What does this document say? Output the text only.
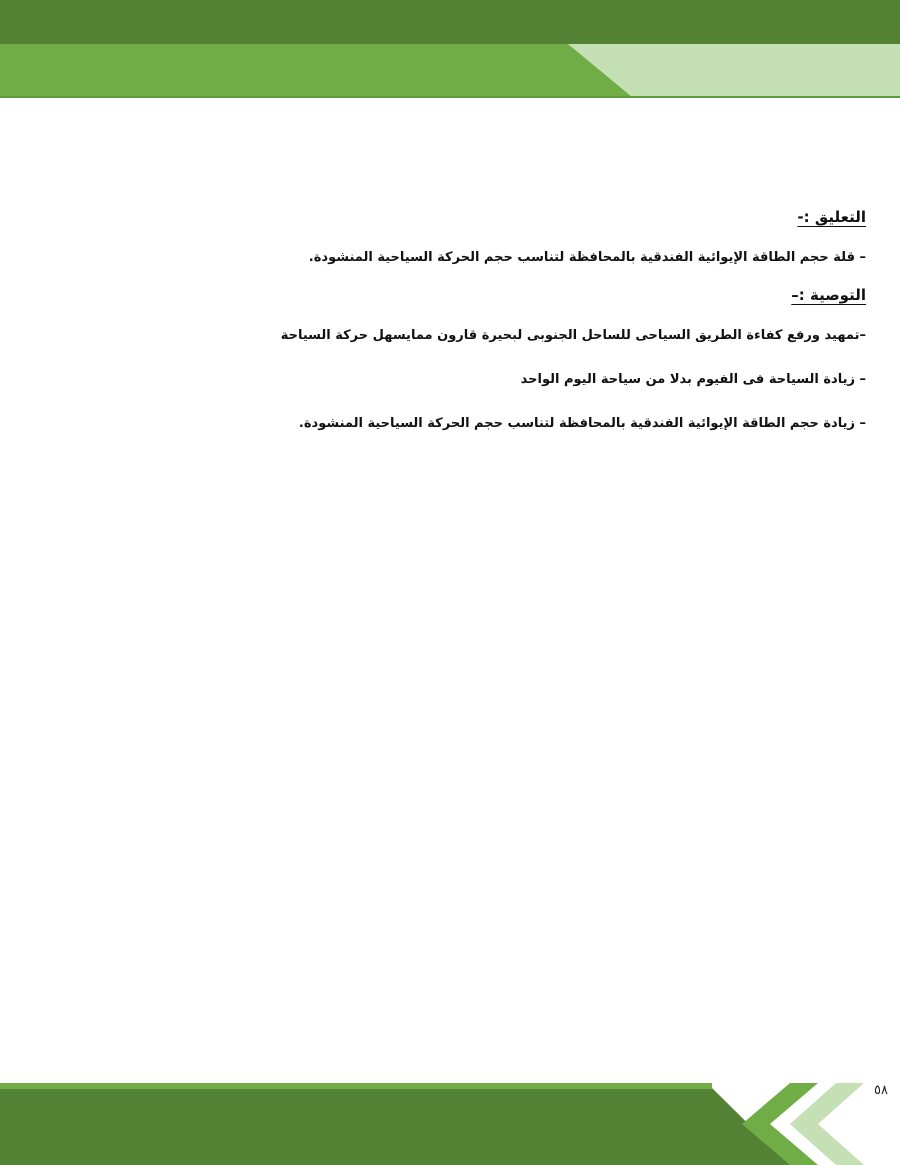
التعليق :-

– قلة حجم الطاقة الإيوائية الفندقية بالمحافظة لتناسب حجم الحركة السياحية المنشودة.

التوصية :–

–تمهيد ورفع كفاءة الطريق السياحى للساحل الجنوبى لبحيرة قارون ممايسهل حركة السياحة

– زيادة السياحة فى الفيوم بدلا من سياحة اليوم الواحد

– زيادة حجم الطاقة الإيوائية الفندقية بالمحافظة لتناسب حجم الحركة السياحية المنشودة.

٥٨
